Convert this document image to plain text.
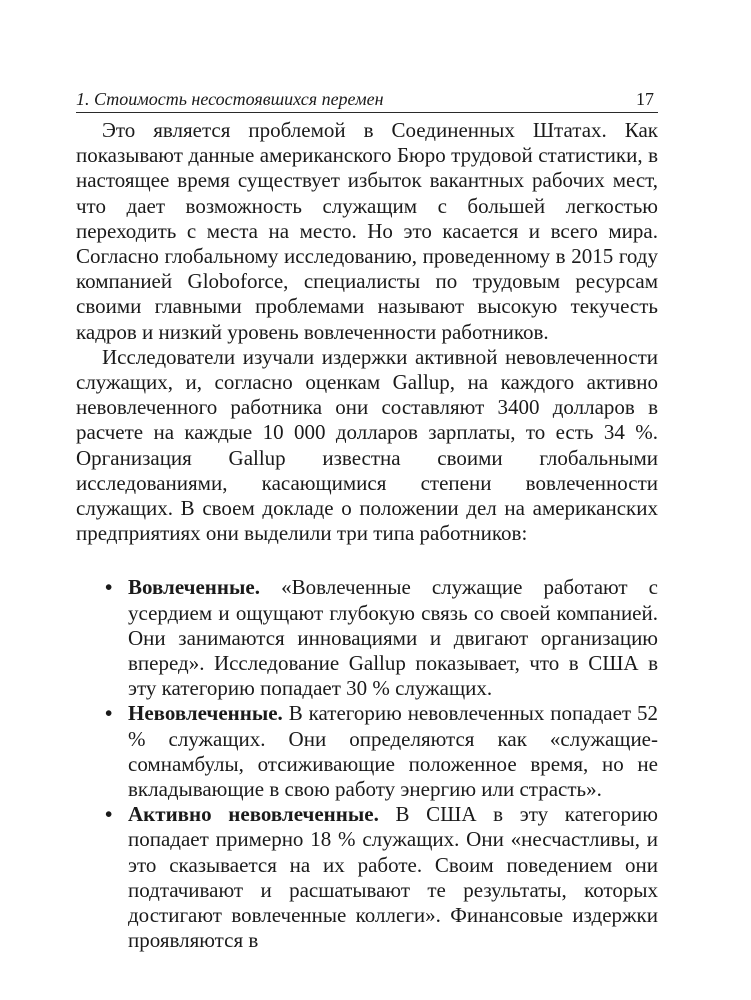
1. Стоимость несостоявшихся перемен	17

Это является проблемой в Соединенных Штатах. Как показывают данные американского Бюро трудовой статистики, в настоящее время существует избыток вакантных рабочих мест, что дает возможность служащим с большей легкостью переходить с места на место. Но это касается и всего мира. Согласно глобальному исследованию, проведенному в 2015 году компанией Globoforce, специалисты по трудовым ресурсам своими главными проблемами называют высокую текучесть кадров и низкий уровень вовлеченности работников.

Исследователи изучали издержки активной невовлеченности служащих, и, согласно оценкам Gallup, на каждого активно невовлеченного работника они составляют 3400 долларов в расчете на каждые 10 000 долларов зарплаты, то есть 34 %. Организация Gallup известна своими глобальными исследованиями, касающимися степени вовлеченности служащих. В своем докладе о положении дел на американских предприятиях они выделили три типа работников:

• Вовлеченные. «Вовлеченные служащие работают с усердием и ощущают глубокую связь со своей компанией. Они занимаются инновациями и двигают организацию вперед». Исследование Gallup показывает, что в США в эту категорию попадает 30 % служащих.
• Невовлеченные. В категорию невовлеченных попадает 52 % служащих. Они определяются как «служащие-сомнамбулы, отсиживающие положенное время, но не вкладывающие в свою работу энергию или страсть».
• Активно невовлеченные. В США в эту категорию попадает примерно 18 % служащих. Они «несчастливы, и это сказывается на их работе. Своим поведением они подтачивают и расшатывают те результаты, которых достигают вовлеченные коллеги». Финансовые издержки проявляются в
